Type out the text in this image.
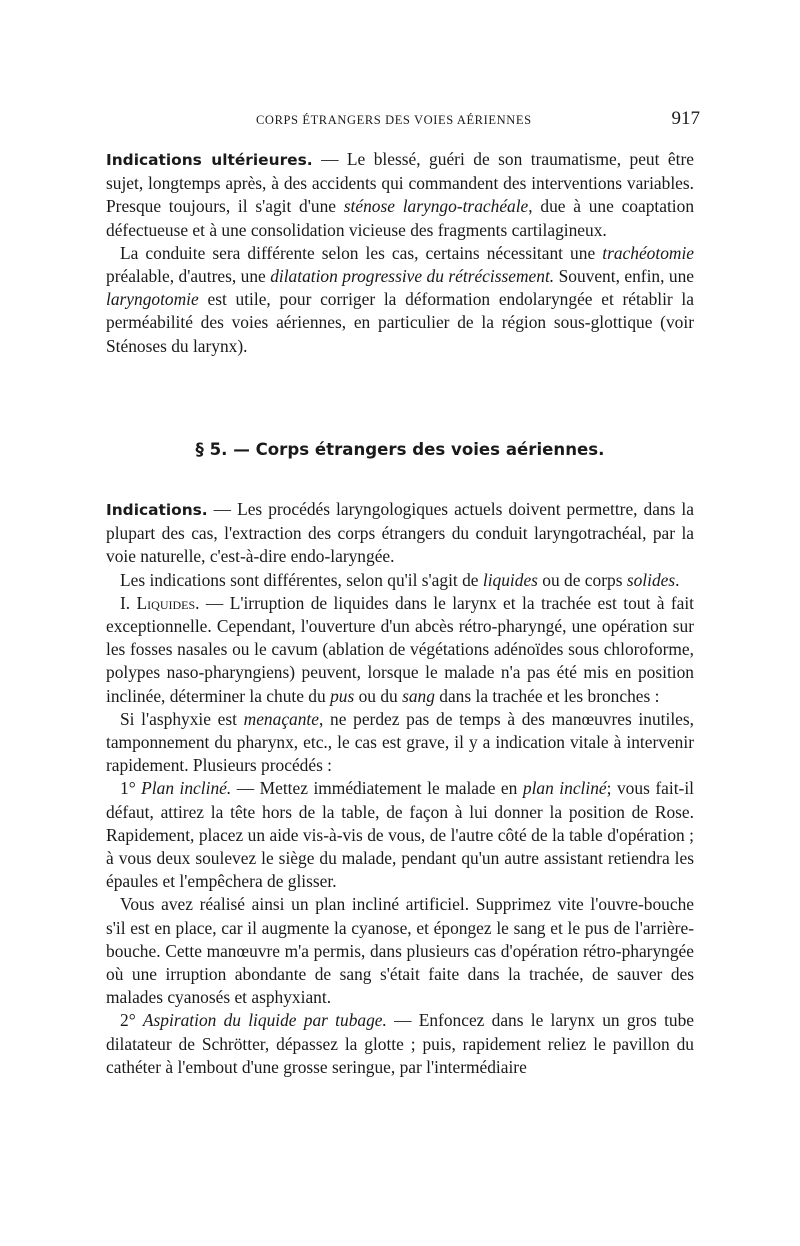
CORPS ÉTRANGERS DES VOIES AÉRIENNES	917

Indications ultérieures. — Le blessé, guéri de son traumatisme, peut être sujet, longtemps après, à des accidents qui commandent des interventions variables. Presque toujours, il s'agit d'une sténose laryngo-trachéale, due à une coaptation défectueuse et à une consolidation vicieuse des fragments cartilagineux.

La conduite sera différente selon les cas, certains nécessitant une trachéotomie préalable, d'autres, une dilatation progressive du rétrécissement. Souvent, enfin, une laryngotomie est utile, pour corriger la déformation endolaryngée et rétablir la perméabilité des voies aériennes, en particulier de la région sous-glottique (voir Sténoses du larynx).

§ 5. — Corps étrangers des voies aériennes.

Indications. — Les procédés laryngologiques actuels doivent permettre, dans la plupart des cas, l'extraction des corps étrangers du conduit laryngotrachéal, par la voie naturelle, c'est-à-dire endo-laryngée.

Les indications sont différentes, selon qu'il s'agit de liquides ou de corps solides.

I. Liquides. — L'irruption de liquides dans le larynx et la trachée est tout à fait exceptionnelle. Cependant, l'ouverture d'un abcès rétro-pharyngé, une opération sur les fosses nasales ou le cavum (ablation de végétations adénoïdes sous chloroforme, polypes naso-pharyngiens) peuvent, lorsque le malade n'a pas été mis en position inclinée, déterminer la chute du pus ou du sang dans la trachée et les bronches :

Si l'asphyxie est menaçante, ne perdez pas de temps à des manœuvres inutiles, tamponnement du pharynx, etc., le cas est grave, il y a indication vitale à intervenir rapidement. Plusieurs procédés :

1° Plan incliné. — Mettez immédiatement le malade en plan incliné; vous fait-il défaut, attirez la tête hors de la table, de façon à lui donner la position de Rose. Rapidement, placez un aide vis-à-vis de vous, de l'autre côté de la table d'opération ; à vous deux soulevez le siège du malade, pendant qu'un autre assistant retiendra les épaules et l'empêchera de glisser.

Vous avez réalisé ainsi un plan incliné artificiel. Supprimez vite l'ouvre-bouche s'il est en place, car il augmente la cyanose, et épongez le sang et le pus de l'arrière-bouche. Cette manœuvre m'a permis, dans plusieurs cas d'opération rétro-pharyngée où une irruption abondante de sang s'était faite dans la trachée, de sauver des malades cyanosés et asphyxiant.

2° Aspiration du liquide par tubage. — Enfoncez dans le larynx un gros tube dilatateur de Schrötter, dépassez la glotte ; puis, rapidement reliez le pavillon du cathéter à l'embout d'une grosse seringue, par l'intermédiaire
